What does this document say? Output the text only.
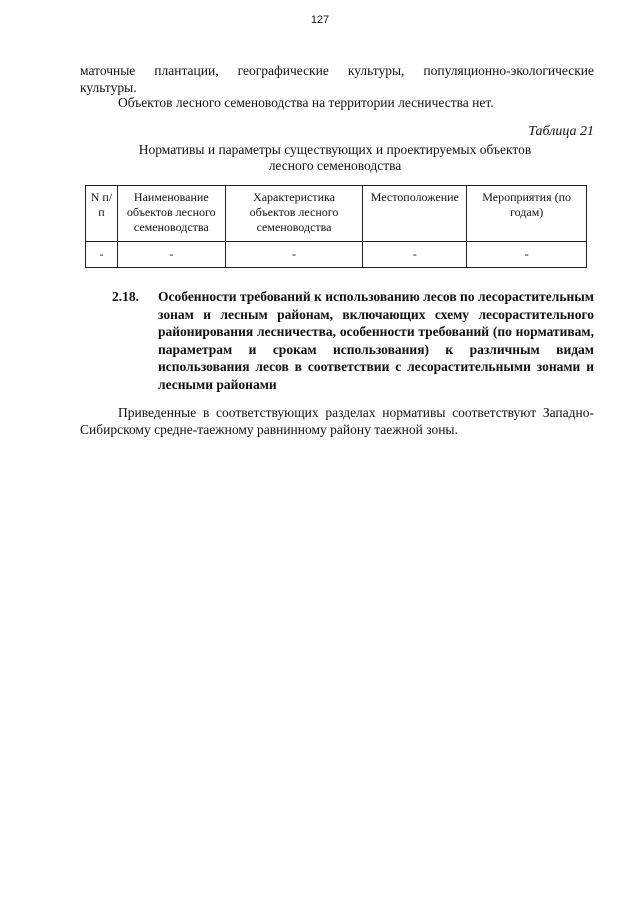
127
маточные плантации, географические культуры, популяционно-экологические
культуры.
Объектов лесного семеноводства на территории лесничества нет.
Таблица 21
Нормативы и параметры существующих и проектируемых объектов
лесного семеноводства
N п/п	Наименование объектов лесного семеноводства	Характеристика объектов лесного семеноводства	Местоположение	Мероприятия (по годам)
-	-	-	-	-
2.18. Особенности требований к использованию лесов по лесорастительным зонам и лесным районам, включающих схему лесорастительного районирования лесничества, особенности требований (по нормативам, параметрам и срокам использования) к различным видам использования лесов в соответствии с лесорастительными зонами и лесными районами
Приведенные в соответствующих разделах нормативы соответствуют Западно-Сибирскому средне-таежному равнинному району таежной зоны.
